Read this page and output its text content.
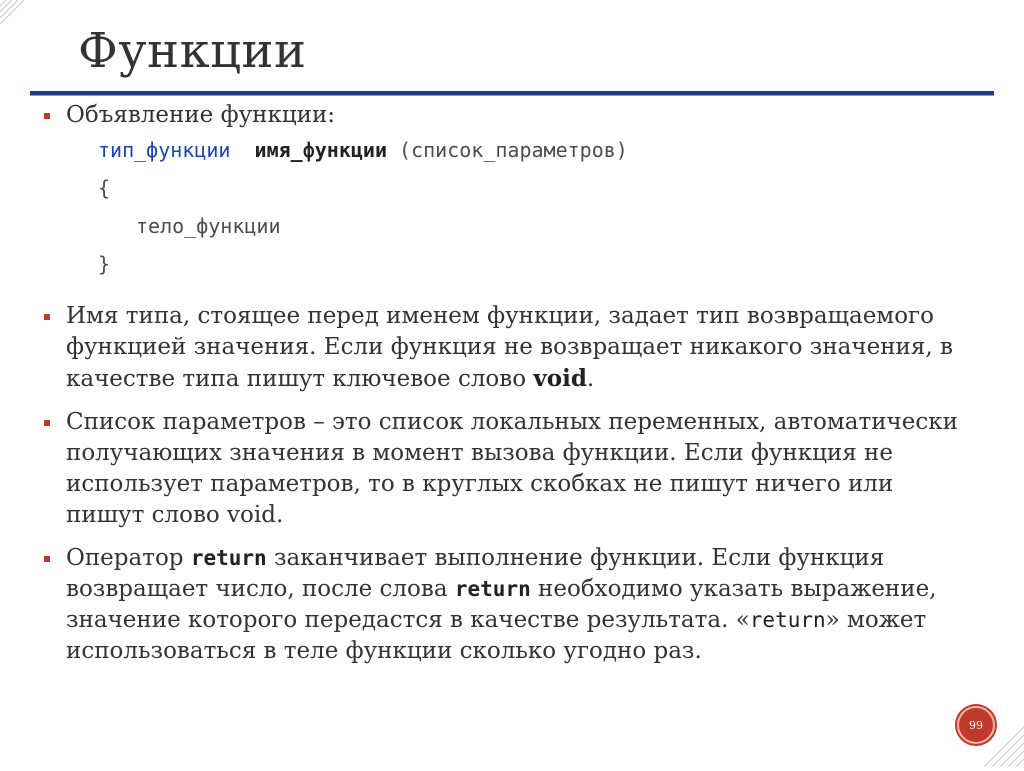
Функции
Объявление функции:
тип_функции имя_функции (список_параметров)
{
тело_функции
}
Имя типа, стоящее перед именем функции, задает тип возвращаемого функцией значения. Если функция не возвращает никакого значения, в качестве типа пишут ключевое слово void.
Список параметров – это список локальных переменных, автоматически получающих значения в момент вызова функции. Если функция не использует параметров, то в круглых скобках не пишут ничего или пишут слово void.
Оператор return заканчивает выполнение функции. Если функция возвращает число, после слова return необходимо указать выражение, значение которого передастся в качестве результата. «return» может использоваться в теле функции сколько угодно раз.
99
